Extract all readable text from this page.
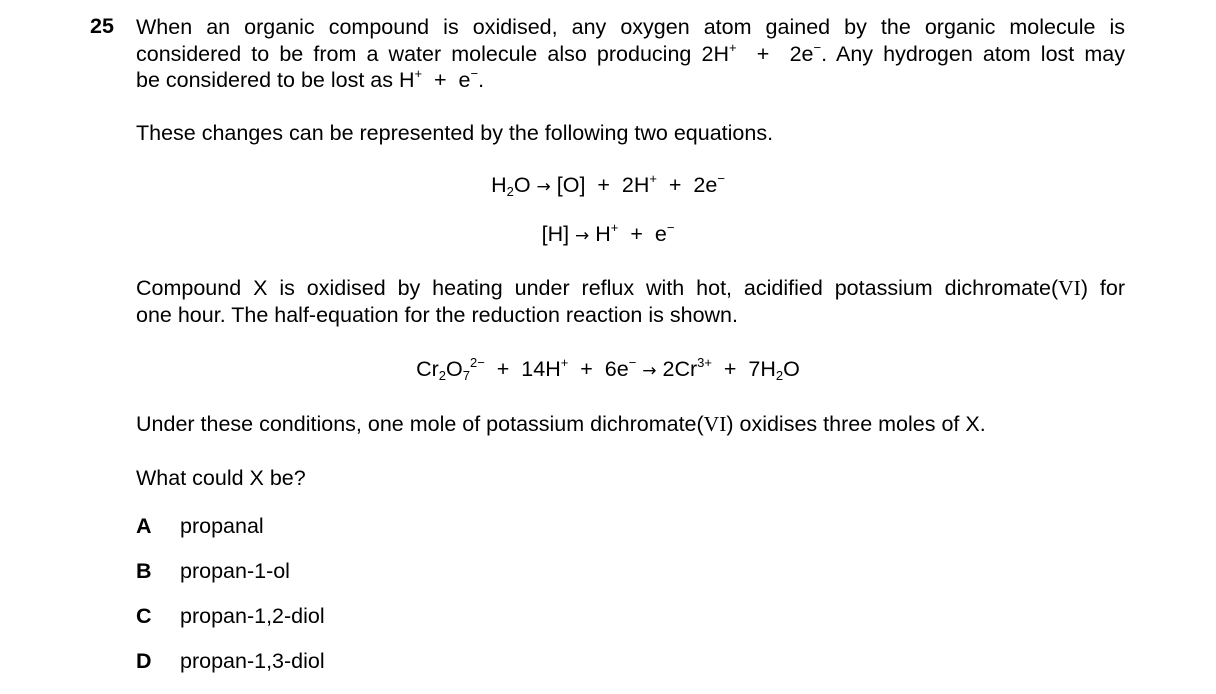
25 When an organic compound is oxidised, any oxygen atom gained by the organic molecule is
considered to be from a water molecule also producing 2H+  +  2e−. Any hydrogen atom lost may
be considered to be lost as H+  +  e−.
These changes can be represented by the following two equations.
$H_2O \to [O] + 2H^+ + 2e^-$
[H] → H+  +  e−
Compound X is oxidised by heating under reflux with hot, acidified potassium dichromate(VI) for
one hour. The half-equation for the reduction reaction is shown.
$Cr_2O_7^{2-} + 14H^+ + 6e^- \to 2Cr^{3+} + 7H_2O$
Under these conditions, one mole of potassium dichromate(VI) oxidises three moles of X.
What could X be?
A	propanal
B	propan-1-ol
C	propan-1,2-diol
D	propan-1,3-diol
